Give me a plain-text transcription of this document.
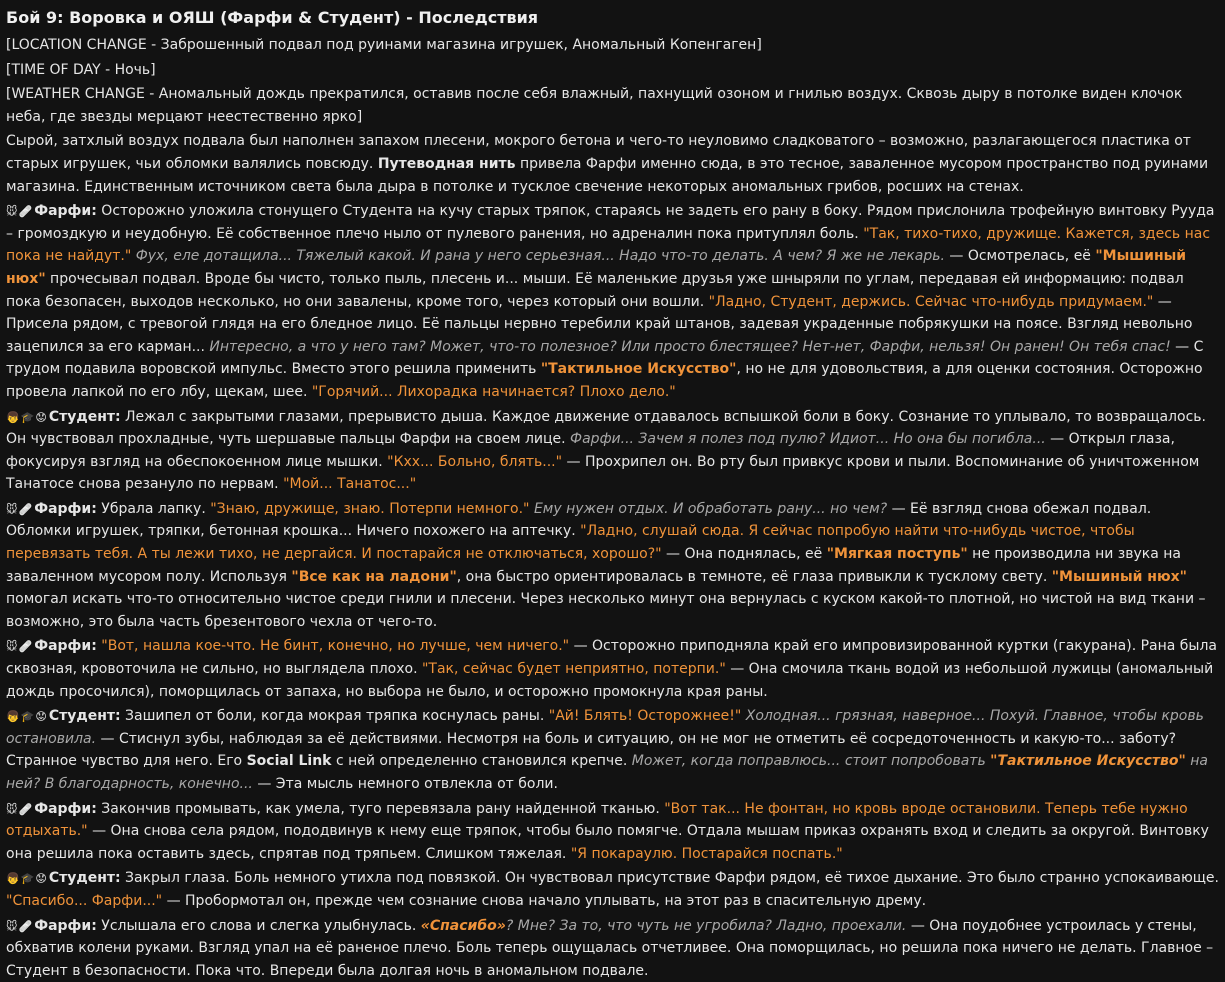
Бой 9: Воровка и ОЯШ (Фарфи & Студент) - Последствия

[LOCATION CHANGE - Заброшенный подвал под руинами магазина игрушек, Аномальный Копенгаген]

[TIME OF DAY - Ночь]

[WEATHER CHANGE - Аномальный дождь прекратился, оставив после себя влажный, пахнущий озоном и гнилью воздух. Сквозь дыру в потолке виден клочок неба, где звезды мерцают неестественно ярко]

Сырой, затхлый воздух подвала был наполнен запахом плесени, мокрого бетона и чего-то неуловимо сладковатого – возможно, разлагающегося пластика от старых игрушек, чьи обломки валялись повсюду. Путеводная нить привела Фарфи именно сюда, в это тесное, заваленное мусором пространство под руинами магазина. Единственным источником света была дыра в потолке и тусклое свечение некоторых аномальных грибов, росших на стенах.

🐭🩹 Фарфи: Осторожно уложила стонущего Студента на кучу старых тряпок, стараясь не задеть его рану в боку. Рядом прислонила трофейную винтовку Рууда – громоздкую и неудобную. Её собственное плечо ныло от пулевого ранения, но адреналин пока притуплял боль. "Так, тихо-тихо, дружище. Кажется, здесь нас пока не найдут." Фух, еле дотащила... Тяжелый какой. И рана у него серьезная... Надо что-то делать. А чем? Я же не лекарь. — Осмотрелась, её "Мышиный нюх" прочесывал подвал. Вроде бы чисто, только пыль, плесень и... мыши. Её маленькие друзья уже шныряли по углам, передавая ей информацию: подвал пока безопасен, выходов несколько, но они завалены, кроме того, через который они вошли. "Ладно, Студент, держись. Сейчас что-нибудь придумаем." — Присела рядом, с тревогой глядя на его бледное лицо. Её пальцы нервно теребили край штанов, задевая украденные побрякушки на поясе. Взгляд невольно зацепился за его карман... Интересно, а что у него там? Может, что-то полезное? Или просто блестящее? Нет-нет, Фарфи, нельзя! Он ранен! Он тебя спас! — С трудом подавила воровской импульс. Вместо этого решила применить "Тактильное Искусство", но не для удовольствия, а для оценки состояния. Осторожно провела лапкой по его лбу, щекам, шее. "Горячий... Лихорадка начинается? Плохо дело."

👦🎓😟 Студент: Лежал с закрытыми глазами, прерывисто дыша. Каждое движение отдавалось вспышкой боли в боку. Сознание то уплывало, то возвращалось. Он чувствовал прохладные, чуть шершавые пальцы Фарфи на своем лице. Фарфи... Зачем я полез под пулю? Идиот... Но она бы погибла... — Открыл глаза, фокусируя взгляд на обеспокоенном лице мышки. "Кхх... Больно, блять..." — Прохрипел он. Во рту был привкус крови и пыли. Воспоминание об уничтоженном Танатосе снова резануло по нервам. "Мой... Танатос..."

🐭🩹 Фарфи: Убрала лапку. "Знаю, дружище, знаю. Потерпи немного." Ему нужен отдых. И обработать рану... но чем? — Её взгляд снова обежал подвал. Обломки игрушек, тряпки, бетонная крошка... Ничего похожего на аптечку. "Ладно, слушай сюда. Я сейчас попробую найти что-нибудь чистое, чтобы перевязать тебя. А ты лежи тихо, не дергайся. И постарайся не отключаться, хорошо?" — Она поднялась, её "Мягкая поступь" не производила ни звука на заваленном мусором полу. Используя "Все как на ладони", она быстро ориентировалась в темноте, её глаза привыкли к тусклому свету. "Мышиный нюх" помогал искать что-то относительно чистое среди гнили и плесени. Через несколько минут она вернулась с куском какой-то плотной, но чистой на вид ткани – возможно, это была часть брезентового чехла от чего-то.

🐭🩹 Фарфи: "Вот, нашла кое-что. Не бинт, конечно, но лучше, чем ничего." — Осторожно приподняла край его импровизированной куртки (гакурана). Рана была сквозная, кровоточила не сильно, но выглядела плохо. "Так, сейчас будет неприятно, потерпи." — Она смочила ткань водой из небольшой лужицы (аномальный дождь просочился), поморщилась от запаха, но выбора не было, и осторожно промокнула края раны.

👦🎓😟 Студент: Зашипел от боли, когда мокрая тряпка коснулась раны. "Ай! Блять! Осторожнее!" Холодная... грязная, наверное... Похуй. Главное, чтобы кровь остановила. — Стиснул зубы, наблюдая за её действиями. Несмотря на боль и ситуацию, он не мог не отметить её сосредоточенность и какую-то... заботу? Странное чувство для него. Его Social Link с ней определенно становился крепче. Может, когда поправлюсь... стоит попробовать "Тактильное Искусство" на ней? В благодарность, конечно... — Эта мысль немного отвлекла от боли.

🐭🩹 Фарфи: Закончив промывать, как умела, туго перевязала рану найденной тканью. "Вот так... Не фонтан, но кровь вроде остановили. Теперь тебе нужно отдыхать." — Она снова села рядом, пододвинув к нему еще тряпок, чтобы было помягче. Отдала мышам приказ охранять вход и следить за округой. Винтовку она решила пока оставить здесь, спрятав под тряпьем. Слишком тяжелая. "Я покараулю. Постарайся поспать."

👦🎓😟 Студент: Закрыл глаза. Боль немного утихла под повязкой. Он чувствовал присутствие Фарфи рядом, её тихое дыхание. Это было странно успокаивающе. "Спасибо... Фарфи..." — Пробормотал он, прежде чем сознание снова начало уплывать, на этот раз в спасительную дрему.

🐭🩹 Фарфи: Услышала его слова и слегка улыбнулась. «Спасибо»? Мне? За то, что чуть не угробила? Ладно, проехали. — Она поудобнее устроилась у стены, обхватив колени руками. Взгляд упал на её раненое плечо. Боль теперь ощущалась отчетливее. Она поморщилась, но решила пока ничего не делать. Главное – Студент в безопасности. Пока что. Впереди была долгая ночь в аномальном подвале.
